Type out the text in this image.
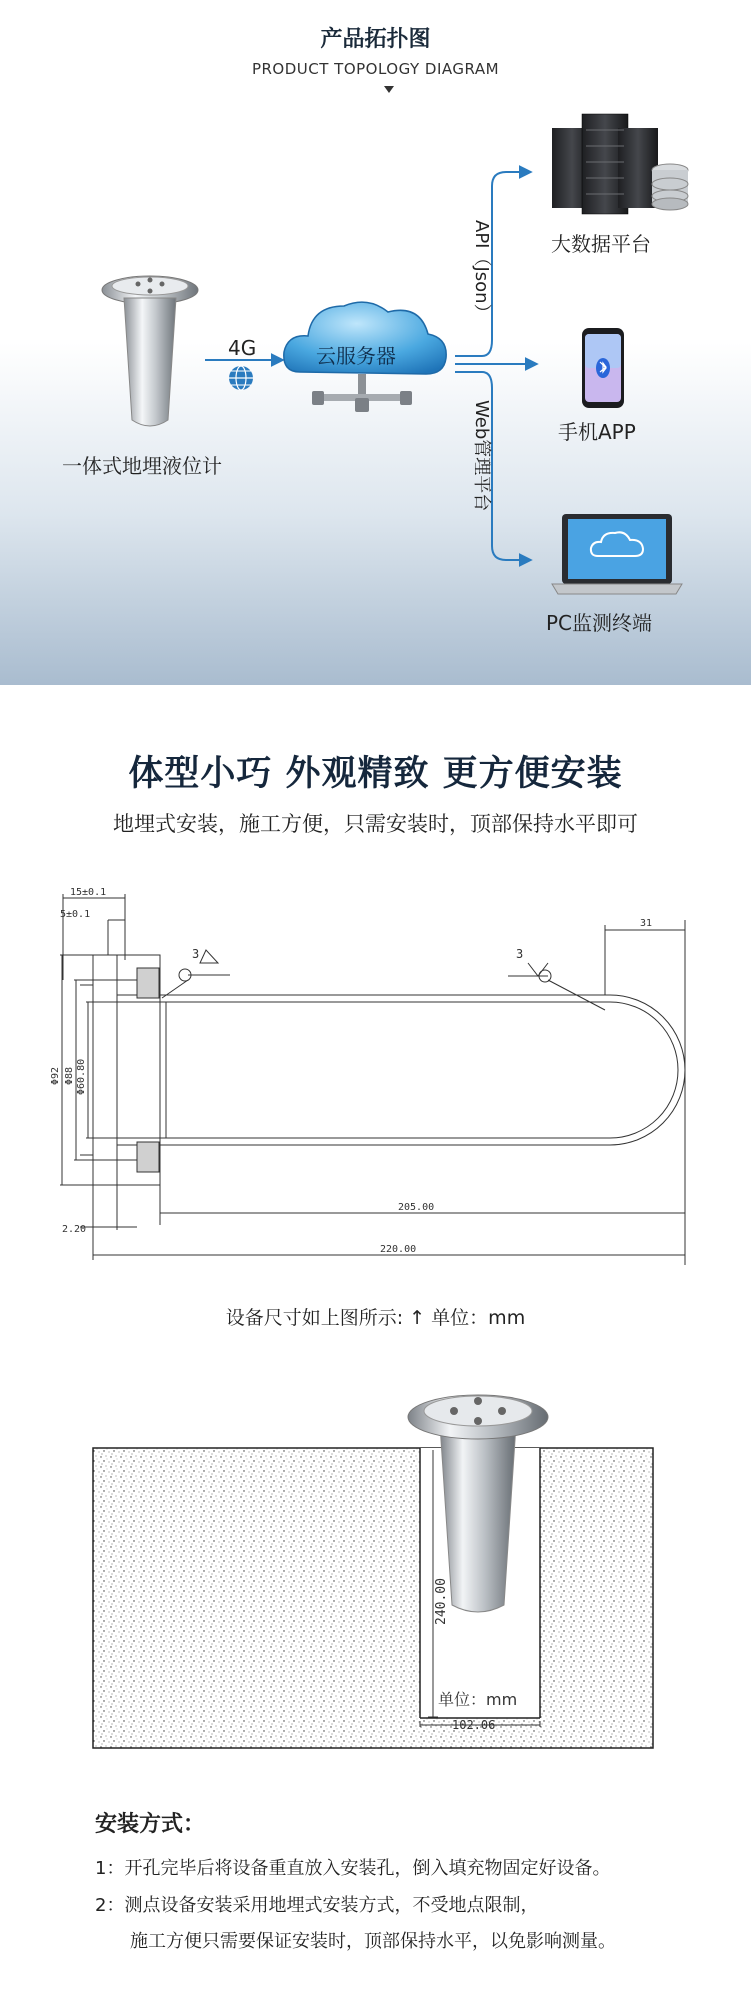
产品拓扑图
PRODUCT TOPOLOGY DIAGRAM
API（Json）
Web管理平台
一体式地埋液位计
4G	云服务器
大数据平台
手机APP
PC监测终端
体型小巧 外观精致 更方便安装
地埋式安装，施工方便，只需安装时，顶部保持水平即可
15±0.1
5±0.1
3	3
31
Φ92 Φ88 Φ60.80
2.20
205.00
220.00
设备尺寸如上图所示: ↑ 单位：mm
240.00
单位：mm
102.06
安装方式：
1：开孔完毕后将设备重直放入安装孔，倒入填充物固定好设备。
2：测点设备安装采用地埋式安装方式，不受地点限制，
施工方便只需要保证安装时，顶部保持水平，以免影响测量。
